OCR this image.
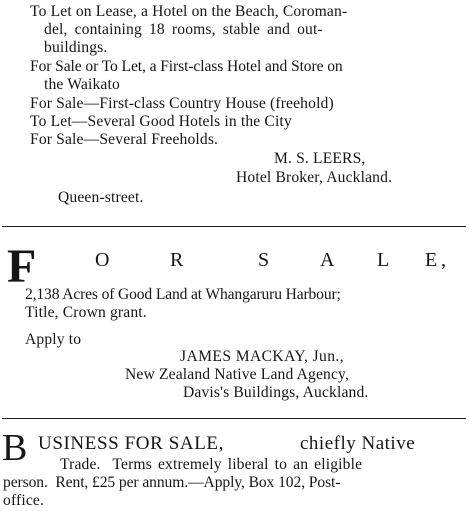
To Let on Lease, a Hotel on the Beach, Coroman-
del, containing 18 rooms, stable and out-
buildings.
For Sale or To Let, a First-class Hotel and Store on
the Waikato
For Sale—First-class Country House (freehold)
To Let—Several Good Hotels in the City
For Sale—Several Freeholds.
M. S. LEERS,
Hotel Broker, Auckland.
Queen-street.
F	O	R	S	A L E ,
2,138 Acres of Good Land at Whangaruru Harbour;
Title, Crown grant.
Apply to
JAMES MACKAY, Jun.,
New Zealand Native Land Agency,
Davis's Buildings, Auckland.
B USINESS FOR SALE,	chiefly Native
Trade.  Terms extremely liberal to an eligible
person.  Rent, £25 per annum.—Apply, Box 102, Post-
office.
